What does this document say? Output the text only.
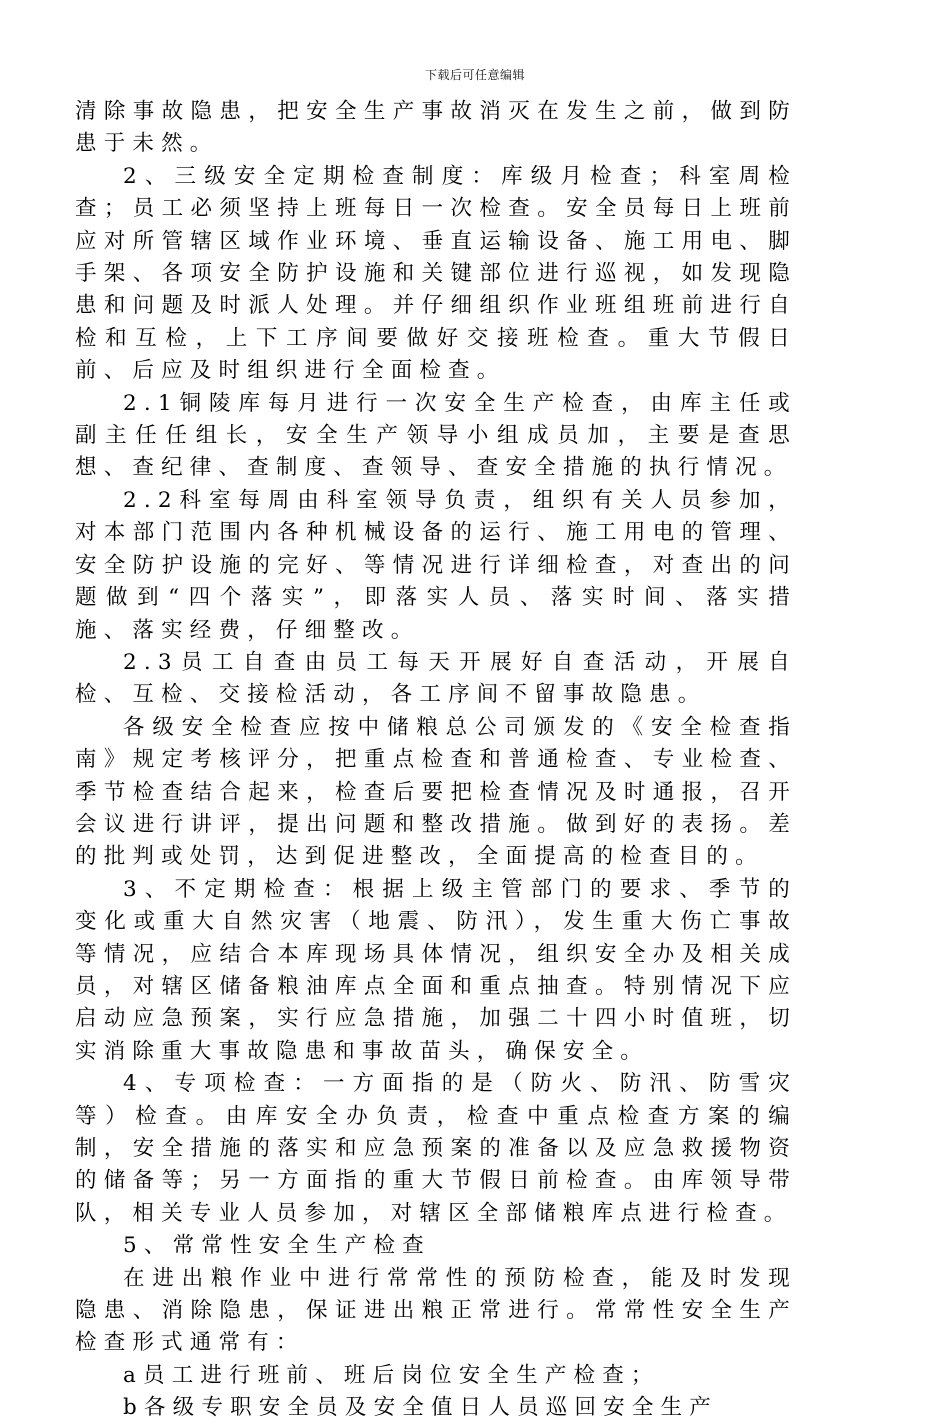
下载后可任意编辑

清除事故隐患，把安全生产事故消灭在发生之前，做到防患于未然。

2、三级安全定期检查制度：库级月检查；科室周检查；员工必须坚持上班每日一次检查。安全员每日上班前应对所管辖区域作业环境、垂直运输设备、施工用电、脚手架、各项安全防护设施和关键部位进行巡视，如发现隐患和问题及时派人处理。并仔细组织作业班组班前进行自检和互检，上下工序间要做好交接班检查。重大节假日前、后应及时组织进行全面检查。

2.1铜陵库每月进行一次安全生产检查，由库主任或副主任任组长，安全生产领导小组成员加，主要是查思想、查纪律、查制度、查领导、查安全措施的执行情况。

2.2科室每周由科室领导负责，组织有关人员参加，对本部门范围内各种机械设备的运行、施工用电的管理、安全防护设施的完好、等情况进行详细检查，对查出的问题做到“四个落实”，即落实人员、落实时间、落实措施、落实经费，仔细整改。

2.3员工自查由员工每天开展好自查活动，开展自检、互检、交接检活动，各工序间不留事故隐患。

各级安全检查应按中储粮总公司颁发的《安全检查指南》规定考核评分，把重点检查和普通检查、专业检查、季节检查结合起来，检查后要把检查情况及时通报，召开会议进行讲评，提出问题和整改措施。做到好的表扬。差的批判或处罚，达到促进整改，全面提高的检查目的。

3、不定期检查：根据上级主管部门的要求、季节的变化或重大自然灾害（地震、防汛），发生重大伤亡事故等情况，应结合本库现场具体情况，组织安全办及相关成员，对辖区储备粮油库点全面和重点抽查。特别情况下应启动应急预案，实行应急措施，加强二十四小时值班，切实消除重大事故隐患和事故苗头，确保安全。

4、专项检查：一方面指的是（防火、防汛、防雪灾等）检查。由库安全办负责，检查中重点检查方案的编制，安全措施的落实和应急预案的准备以及应急救援物资的储备等；另一方面指的重大节假日前检查。由库领导带队，相关专业人员参加，对辖区全部储粮库点进行检查。

5、常常性安全生产检查

在进出粮作业中进行常常性的预防检查，能及时发现隐患、消除隐患，保证进出粮正常进行。常常性安全生产检查形式通常有：

a员工进行班前、班后岗位安全生产检查；

b各级专职安全员及安全值日人员巡回安全生产
